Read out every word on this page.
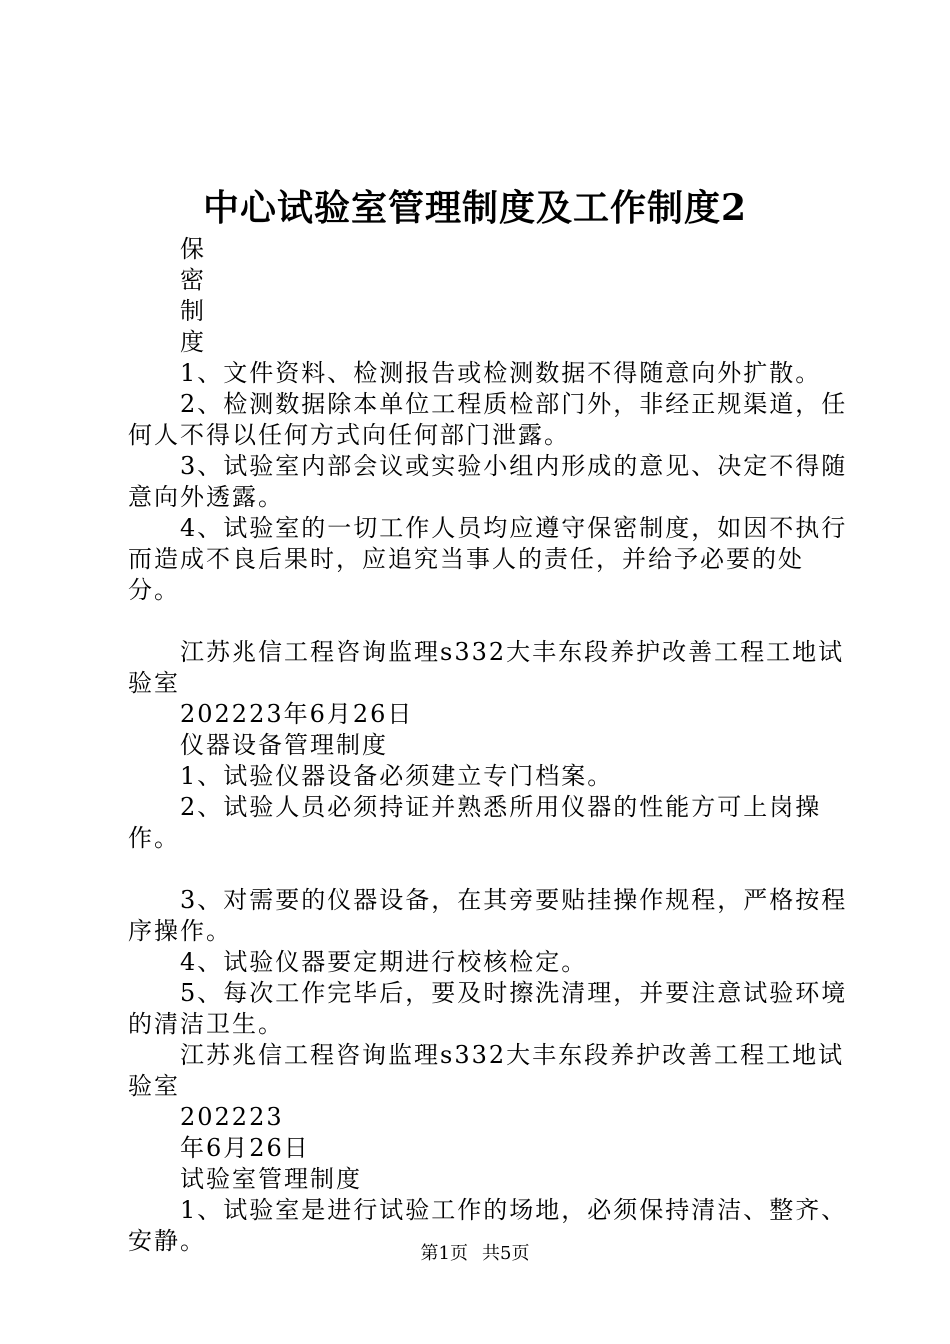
中心试验室管理制度及工作制度2

保

密

制

度

1、文件资料、检测报告或检测数据不得随意向外扩散。

2、检测数据除本单位工程质检部门外，非经正规渠道，任何人不得以任何方式向任何部门泄露。

3、试验室内部会议或实验小组内形成的意见、决定不得随意向外透露。

4、试验室的一切工作人员均应遵守保密制度，如因不执行而造成不良后果时，应追究当事人的责任，并给予必要的处分。

江苏兆信工程咨询监理s332大丰东段养护改善工程工地试验室

202223年6月26日

仪器设备管理制度

1、试验仪器设备必须建立专门档案。

2、试验人员必须持证并熟悉所用仪器的性能方可上岗操作。

3、对需要的仪器设备，在其旁要贴挂操作规程，严格按程序操作。

4、试验仪器要定期进行校核检定。

5、每次工作完毕后，要及时擦洗清理，并要注意试验环境的清洁卫生。

江苏兆信工程咨询监理s332大丰东段养护改善工程工地试验室

202223

年6月26日

试验室管理制度

1、试验室是进行试验工作的场地，必须保持清洁、整齐、安静。	第1页 共5页
